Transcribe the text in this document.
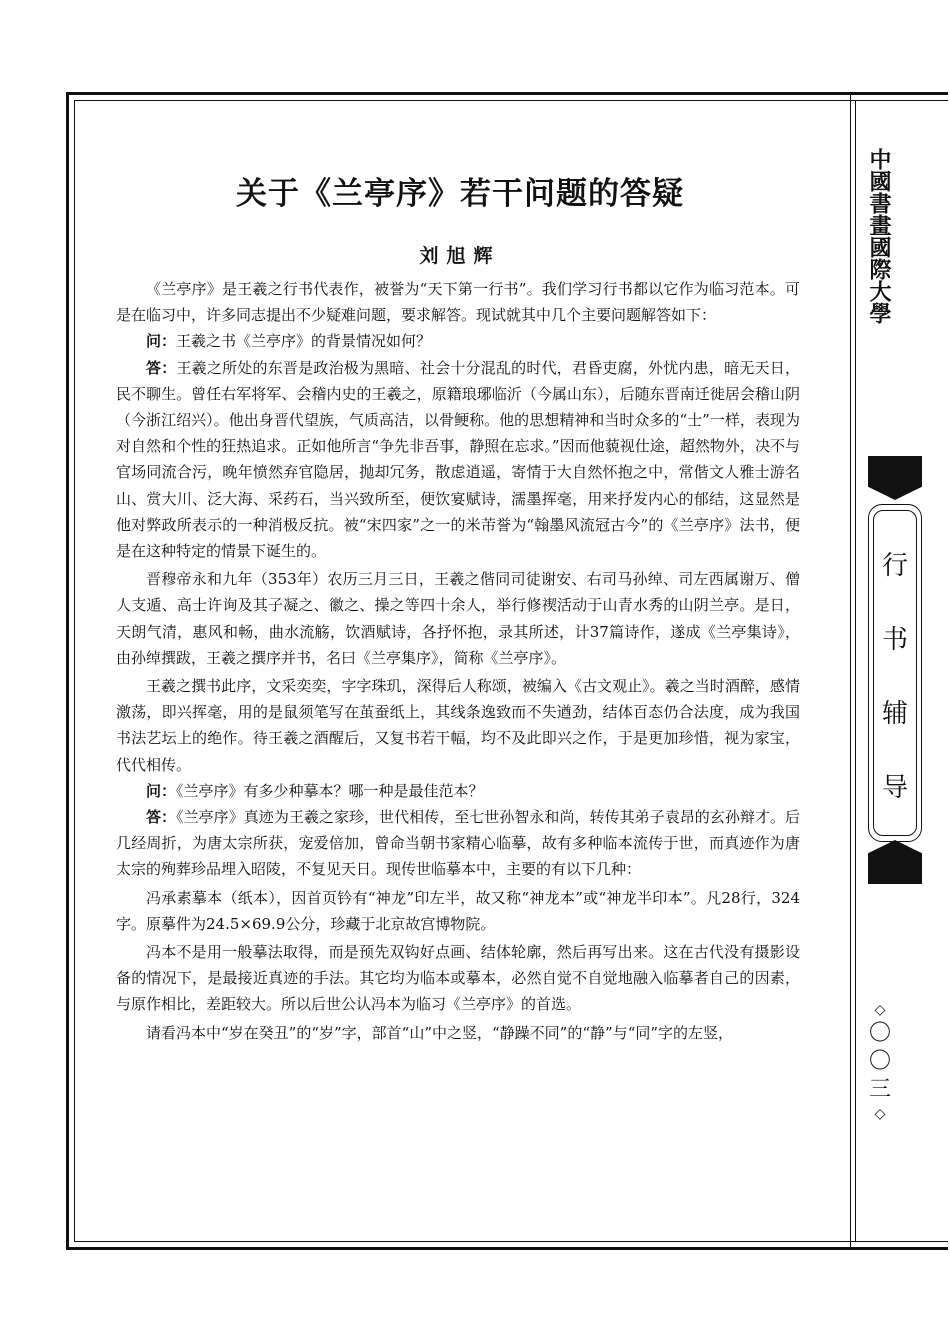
中國書畫國際大學
行
书
辅
导
◇
〇
〇
三
◇
关于《兰亭序》若干问题的答疑
刘旭辉

《兰亭序》是王羲之行书代表作，被誉为“天下第一行书”。我们学习行书都以它作为临习范本。可是在临习中，许多同志提出不少疑难问题，要求解答。现试就其中几个主要问题解答如下：

问：王羲之书《兰亭序》的背景情况如何？

答：王羲之所处的东晋是政治极为黑暗、社会十分混乱的时代，君昏吏腐，外忧内患，暗无天日，民不聊生。曾任右军将军、会稽内史的王羲之，原籍琅琊临沂（今属山东），后随东晋南迁徙居会稽山阴（今浙江绍兴）。他出身晋代望族，气质高洁，以骨鲠称。他的思想精神和当时众多的“士”一样，表现为对自然和个性的狂热追求。正如他所言“争先非吾事，静照在忘求。”因而他藐视仕途，超然物外，决不与官场同流合污，晚年愤然弃官隐居，抛却冗务，散虑逍遥，寄情于大自然怀抱之中，常偕文人雅士游名山、赏大川、泛大海、采药石，当兴致所至，便饮宴赋诗，濡墨挥毫，用来抒发内心的郁结，这显然是他对弊政所表示的一种消极反抗。被“宋四家”之一的米芾誉为“翰墨风流冠古今”的《兰亭序》法书，便是在这种特定的情景下诞生的。

晋穆帝永和九年（353年）农历三月三日，王羲之偕同司徒谢安、右司马孙绰、司左西属谢万、僧人支遁、高士许询及其子凝之、徽之、操之等四十余人，举行修禊活动于山青水秀的山阴兰亭。是日，天朗气清，惠风和畅，曲水流觞，饮酒赋诗，各抒怀抱，录其所述，计37篇诗作，遂成《兰亭集诗》，由孙绰撰跋，王羲之撰序并书，名曰《兰亭集序》，简称《兰亭序》。

王羲之撰书此序，文采奕奕，字字珠玑，深得后人称颂，被编入《古文观止》。羲之当时酒醉，感情激荡，即兴挥毫，用的是鼠须笔写在茧蚕纸上，其线条逸致而不失遒劲，结体百态仍合法度，成为我国书法艺坛上的绝作。待王羲之酒醒后，又复书若干幅，均不及此即兴之作，于是更加珍惜，视为家宝，代代相传。

问：《兰亭序》有多少种摹本？哪一种是最佳范本？

答：《兰亭序》真迹为王羲之家珍，世代相传，至七世孙智永和尚，转传其弟子袁昂的玄孙辩才。后几经周折，为唐太宗所获，宠爱倍加，曾命当朝书家精心临摹，故有多种临本流传于世，而真迹作为唐太宗的殉葬珍品埋入昭陵，不复见天日。现传世临摹本中，主要的有以下几种：

冯承素摹本（纸本），因首页钤有“神龙”印左半，故又称“神龙本”或“神龙半印本”。凡28行，324字。原摹件为24.5×69.9公分，珍藏于北京故宫博物院。

冯本不是用一般摹法取得，而是预先双钩好点画、结体轮廓，然后再写出来。这在古代没有摄影设备的情况下，是最接近真迹的手法。其它均为临本或摹本，必然自觉不自觉地融入临摹者自己的因素，与原作相比，差距较大。所以后世公认冯本为临习《兰亭序》的首选。

请看冯本中“岁在癸丑”的“岁”字，部首“山”中之竖，“静躁不同”的“静”与“同”字的左竖，
